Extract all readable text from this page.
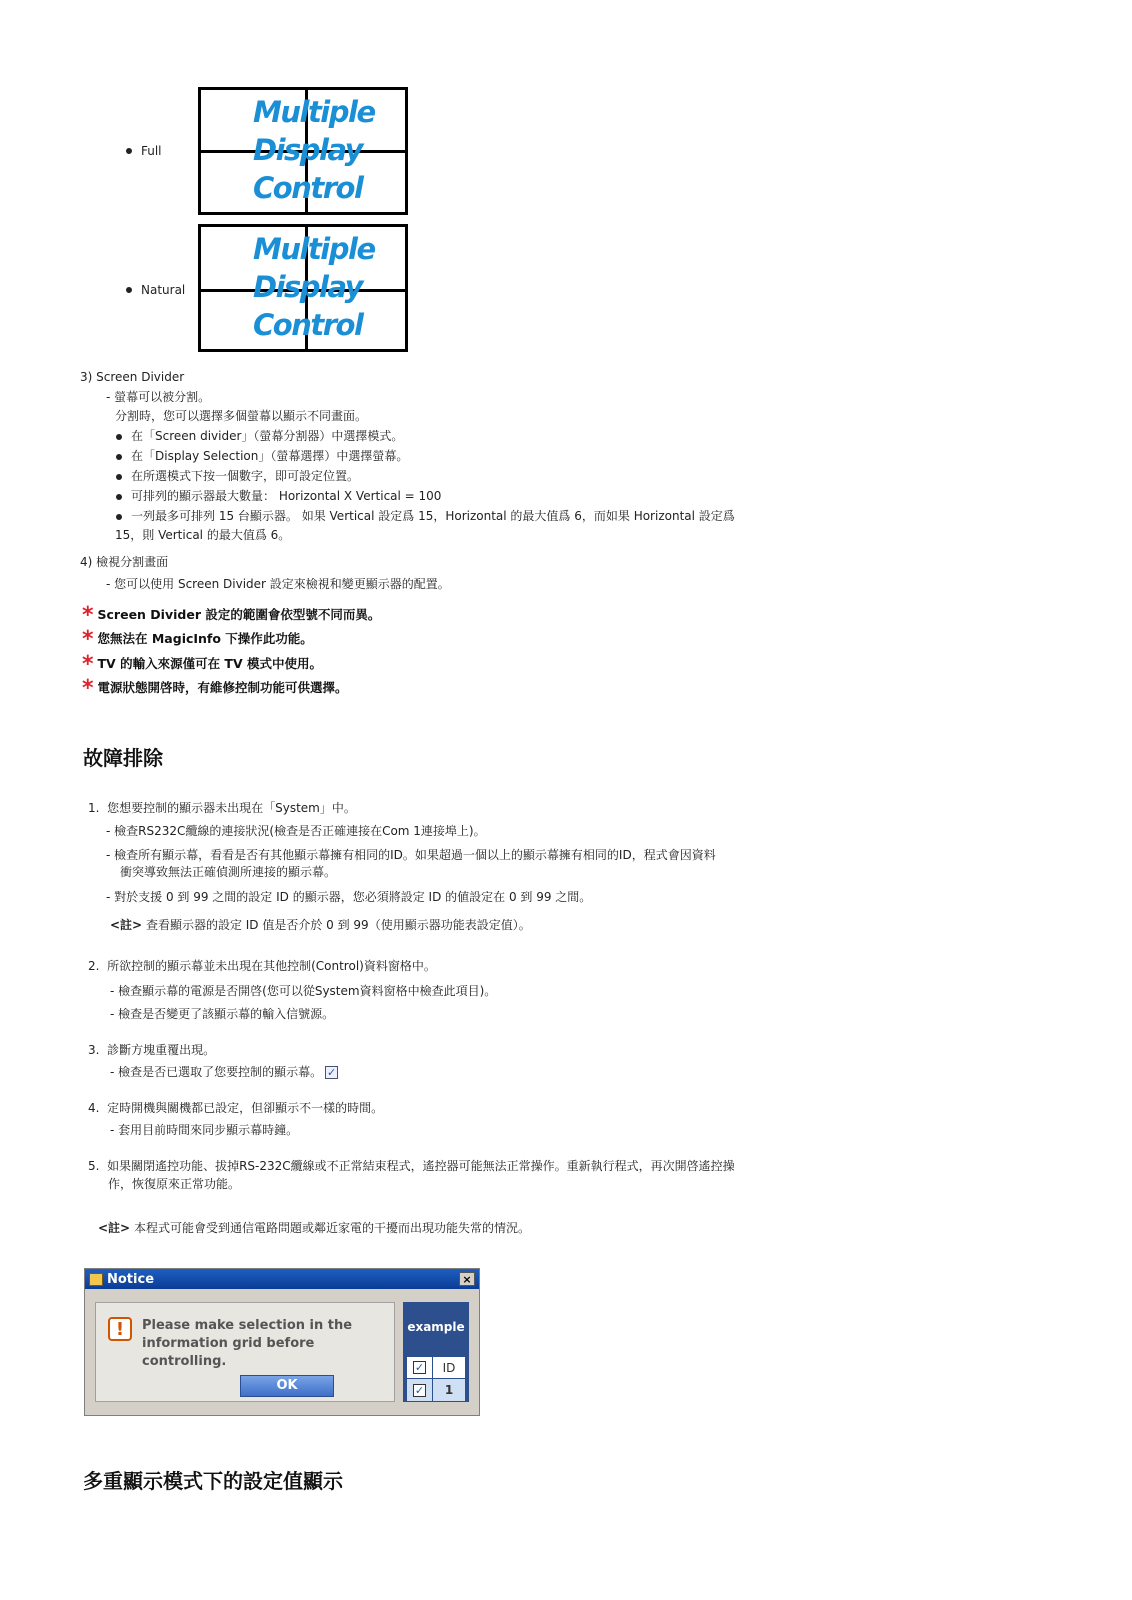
Full
Multiple
Display
Control
Natural
Multiple
Display
Control
3) Screen Divider
- 螢幕可以被分割。
分割時，您可以選擇多個螢幕以顯示不同畫面。
在「Screen divider」（螢幕分割器）中選擇模式。
在「Display Selection」（螢幕選擇）中選擇螢幕。
在所選模式下按一個數字，即可設定位置。
可排列的顯示器最大數量： Horizontal X Vertical = 100
一列最多可排列 15 台顯示器。 如果 Vertical 設定爲 15，Horizontal 的最大值爲 6，而如果 Horizontal 設定爲
15，則 Vertical 的最大值爲 6。
4) 檢視分割畫面
- 您可以使用 Screen Divider 設定來檢視和變更顯示器的配置。
* Screen Divider 設定的範圍會依型號不同而異。
* 您無法在 MagicInfo 下操作此功能。
* TV 的輸入來源僅可在 TV 模式中使用。
* 電源狀態開啓時，有維修控制功能可供選擇。
故障排除
1. 您想要控制的顯示器未出現在「System」中。
- 檢查RS232C纜線的連接狀況(檢查是否正確連接在Com 1連接埠上)。
- 檢查所有顯示幕，看看是否有其他顯示幕擁有相同的ID。如果超過一個以上的顯示幕擁有相同的ID，程式會因資料
衝突導致無法正確偵測所連接的顯示幕。
- 對於支援 0 到 99 之間的設定 ID 的顯示器，您必須將設定 ID 的値設定在 0 到 99 之間。
<註> 查看顯示器的設定 ID 值是否介於 0 到 99（使用顯示器功能表設定值）。
2. 所欲控制的顯示幕並未出現在其他控制(Control)資料窗格中。
- 檢查顯示幕的電源是否開啓(您可以從System資料窗格中檢查此項目)。
- 檢查是否變更了該顯示幕的輸入信號源。
3. 診斷方塊重覆出現。
- 檢查是否已選取了您要控制的顯示幕。 ✓
4. 定時開機與關機都已設定，但卻顯示不一樣的時間。
- 套用目前時間來同步顯示幕時鐘。
5. 如果關閉遙控功能、拔掉RS-232C纜線或不正常結束程式，遙控器可能無法正常操作。重新執行程式，再次開啓遙控操
作，恢復原來正常功能。
<註> 本程式可能會受到通信電路問題或鄰近家電的干擾而出現功能失常的情況。
Notice	×
!	Please make selection in the
information grid before controlling.
OK
example
✓	ID
✓	1
多重顯示模式下的設定值顯示
